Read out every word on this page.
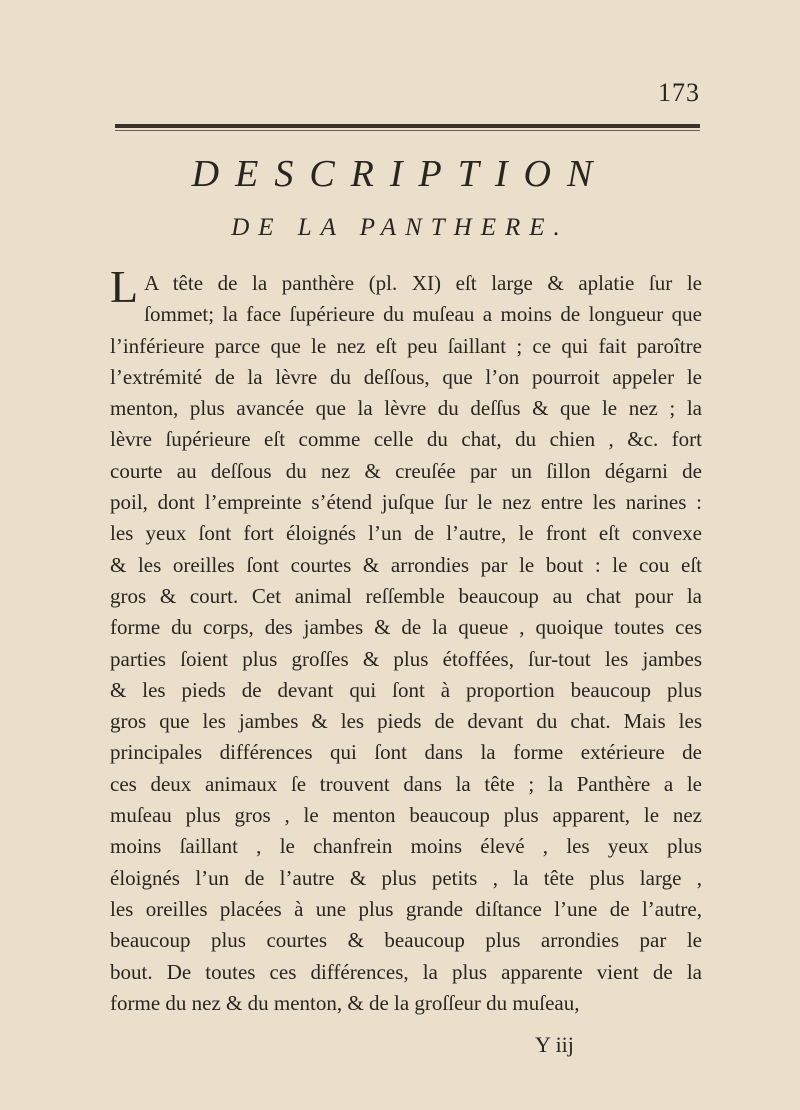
173
DESCRIPTION
DE LA PANTHERE.
L A tête de la panthère (pl. XI) eſt large & aplatie ſur le
ſommet; la face ſupérieure du muſeau a moins de longueur que
l’inférieure parce que le nez eſt peu ſaillant ; ce qui fait paroître
l’extrémité de la lèvre du deſſous, que l’on pourroit appeler le
menton, plus avancée que la lèvre du deſſus & que le nez ; la
lèvre ſupérieure eſt comme celle du chat, du chien , &c. fort
courte au deſſous du nez & creuſée par un ſillon dégarni de
poil, dont l’empreinte s’étend juſque ſur le nez entre les narines :
les yeux ſont fort éloignés l’un de l’autre, le front eſt convexe
& les oreilles ſont courtes & arrondies par le bout : le cou eſt
gros & court. Cet animal reſſemble beaucoup au chat pour la
forme du corps, des jambes & de la queue , quoique toutes ces
parties ſoient plus groſſes & plus étoffées, ſur-tout les jambes
& les pieds de devant qui ſont à proportion beaucoup plus
gros que les jambes & les pieds de devant du chat. Mais les
principales différences qui ſont dans la forme extérieure de
ces deux animaux ſe trouvent dans la tête ; la Panthère a le
muſeau plus gros , le menton beaucoup plus apparent, le nez
moins ſaillant , le chanfrein moins élevé , les yeux plus
éloignés l’un de l’autre & plus petits , la tête plus large ,
les oreilles placées à une plus grande diſtance l’une de l’autre,
beaucoup plus courtes & beaucoup plus arrondies par le
bout. De toutes ces différences, la plus apparente vient de la
forme du nez & du menton, & de la groſſeur du muſeau,
Y iij
